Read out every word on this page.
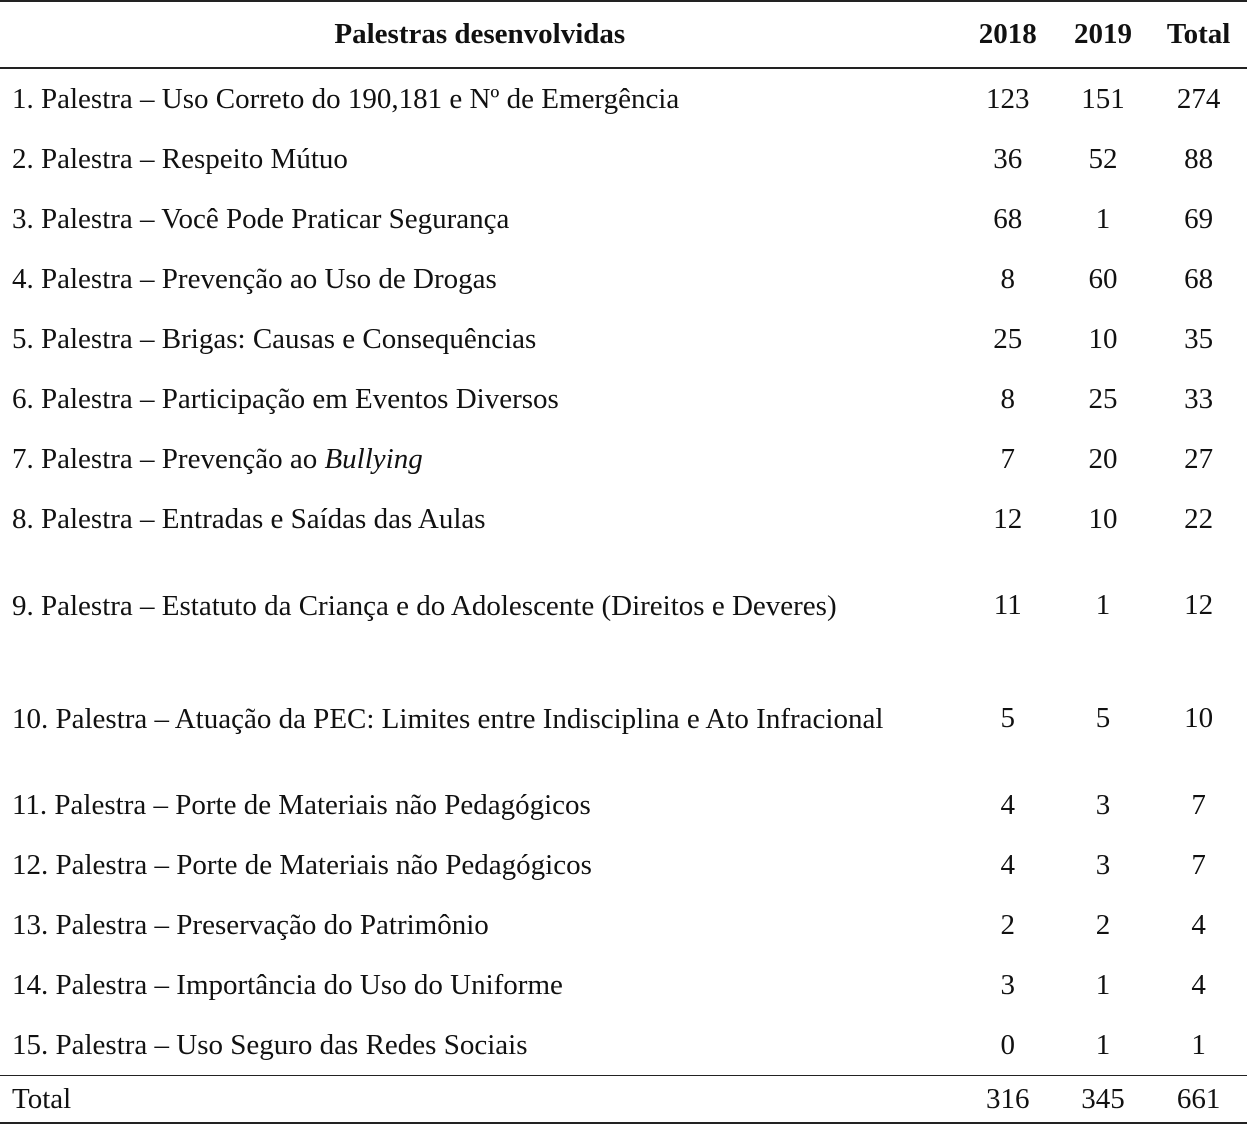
Palestras desenvolvidas	2018	2019	Total
1. Palestra – Uso Correto do 190,181 e Nº de Emergência	123	151	274
2. Palestra – Respeito Mútuo	36	52	88
3. Palestra – Você Pode Praticar Segurança	68	1	69
4. Palestra – Prevenção ao Uso de Drogas	8	60	68
5. Palestra – Brigas: Causas e Consequências	25	10	35
6. Palestra – Participação em Eventos Diversos	8	25	33
7. Palestra – Prevenção ao Bullying	7	20	27
8. Palestra – Entradas e Saídas das Aulas	12	10	22
9. Palestra – Estatuto da Criança e do Adolescente (Direitos e Deveres)	11	1	12
10. Palestra – Atuação da PEC: Limites entre Indisciplina e Ato Infracional	5	5	10
11. Palestra – Porte de Materiais não Pedagógicos	4	3	7
12. Palestra – Porte de Materiais não Pedagógicos	4	3	7
13. Palestra – Preservação do Patrimônio	2	2	4
14. Palestra – Importância do Uso do Uniforme	3	1	4
15. Palestra – Uso Seguro das Redes Sociais	0	1	1
Total	316	345	661
